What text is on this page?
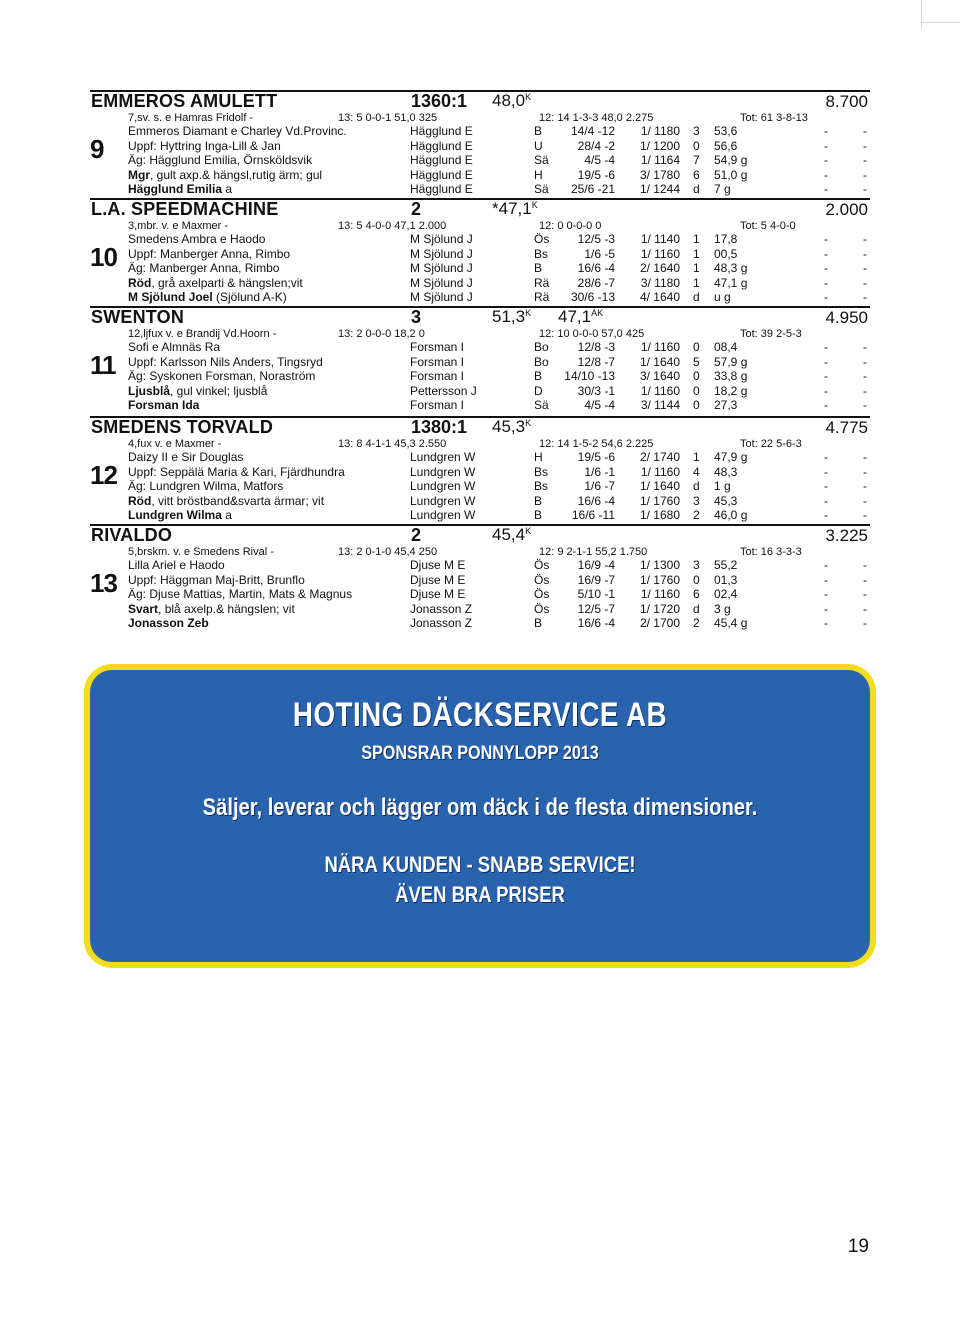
EMMEROS AMULETT	1360:1 $48,0^K$	8.700
7,sv. s. e Hamras Fridolf -	13: 5 0-0-1 51,0 325	12: 14 1-3-3 48,0 2.275	Tot: 61 3-8-13
Emmeros Diamant e Charley Vd.Provinc.	Hägglund E	B	14/4 -12	1/ 1180 3 53,6	-	-
Uppf: Hyttring Inga-Lill & Jan	Hägglund E	U	28/4 -2	1/ 1200 0 56,6	-	-
Äg: Hägglund Emilia, Örnsköldsvik	Hägglund E	Sä	4/5 -4	1/ 1164 7 54,9 g	-	-
Mgr, gult axp.& hängsl,rutig ärm; gul	Hägglund E	H	19/5 -6	3/ 1780 6 51,0 g	-	-
Hägglund Emilia a	Hägglund E	Sä	25/6 -21	1/ 1244 d 7 g	-	-
9
L.A. SPEEDMACHINE	2	$*47,1^K$	2.000
3,mbr. v. e Maxmer -	13: 5 4-0-0 47,1 2.000	12: 0 0-0-0 0	Tot: 5 4-0-0
Smedens Ambra e Haodo	M Sjölund J	Ös	12/5 -3	1/ 1140 1 17,8	-	-
Uppf: Manberger Anna, Rimbo	M Sjölund J	Bs	1/6 -5	1/ 1160 1 00,5	-	-
Äg: Manberger Anna, Rimbo	M Sjölund J	B	16/6 -4	2/ 1640 1 48,3 g	-	-
Röd, grå axelparti & hängslen;vit	M Sjölund J	Rä	28/6 -7	3/ 1180 1 47,1 g	-	-
M Sjölund Joel (Sjölund A-K)	M Sjölund J	Rä	30/6 -13	4/ 1640 d u g	-	-
10
SWENTON	3	$51,3^K$ $47,1^{AK}$	4.950
12,ljfux v. e Brandij Vd.Hoorn -	13: 2 0-0-0 18,2 0	12: 10 0-0-0 57,0 425	Tot: 39 2-5-3
Sofi e Almnäs Ra	Forsman I	Bo	12/8 -3	1/ 1160 0 08,4	-	-
Uppf: Karlsson Nils Anders, Tingsryd	Forsman I	Bo	12/8 -7	1/ 1640 5 57,9 g	-	-
Äg: Syskonen Forsman, Noraström	Forsman I	B 14/10 -13	3/ 1640 0 33,8 g	-	-
Ljusblå, gul vinkel; ljusblå	Pettersson J	D	30/3 -1	1/ 1160 0 18,2 g	-	-
Forsman Ida	Forsman I	Sä	4/5 -4	3/ 1144 0 27,3	-	-
11
SMEDENS TORVALD	1380:1 $45,3^K$	4.775
4,fux v. e Maxmer -	13: 8 4-1-1 45,3 2.550	12: 14 1-5-2 54,6 2.225	Tot: 22 5-6-3
Daizy II e Sir Douglas	Lundgren W	H	19/5 -6	2/ 1740 1 47,9 g	-	-
Uppf: Seppälä Maria & Kari, Fjärdhundra	Lundgren W	Bs	1/6 -1	1/ 1160 4 48,3	-	-
Äg: Lundgren Wilma, Matfors	Lundgren W	Bs	1/6 -7	1/ 1640 d 1 g	-	-
Röd, vitt bröstband&svarta ärmar; vit	Lundgren W	B	16/6 -4	1/ 1760 3 45,3	-	-
Lundgren Wilma a	Lundgren W	B	16/6 -11	1/ 1680 2 46,0 g	-	-
12
RIVALDO	2	$45,4^K$	3.225
5,brskm. v. e Smedens Rival -	13: 2 0-1-0 45,4 250	12: 9 2-1-1 55,2 1.750	Tot: 16 3-3-3
Lilla Ariel e Haodo	Djuse M E	Ös	16/9 -4	1/ 1300 3 55,2	-	-
Uppf: Häggman Maj-Britt, Brunflo	Djuse M E	Ös	16/9 -7	1/ 1760 0 01,3	-	-
Äg: Djuse Mattias, Martin, Mats & Magnus	Djuse M E	Ös	5/10 -1	1/ 1160 6 02,4	-	-
Svart, blå axelp.& hängslen; vit	Jonasson Z	Ös	12/5 -7	1/ 1720 d 3 g	-	-
Jonasson Zeb	Jonasson Z	B	16/6 -4	2/ 1700 2 45,4 g	-	-
13
HOTING DÄCKSERVICE AB
SPONSRAR PONNYLOPP 2013
Säljer, leverar och lägger om däck i de flesta dimensioner.
NÄRA KUNDEN - SNABB SERVICE!
ÄVEN BRA PRISER
19
